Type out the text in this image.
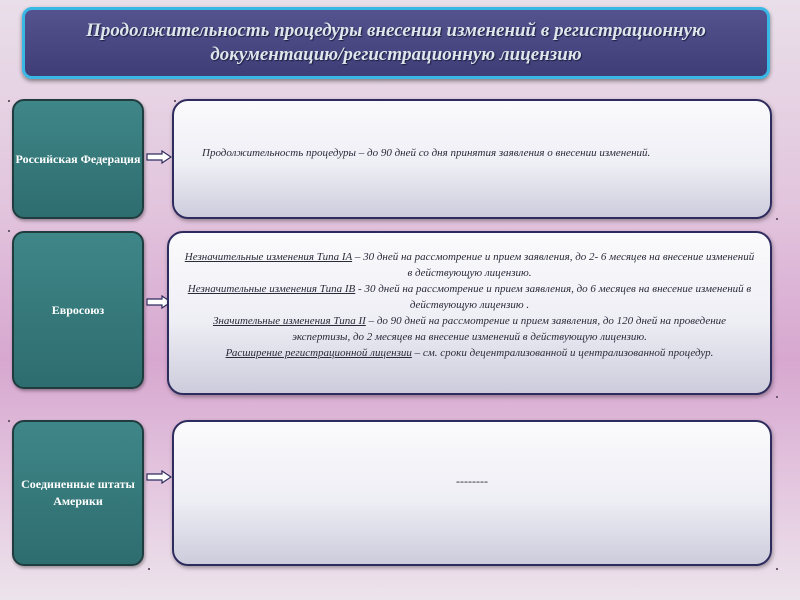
Продолжительность процедуры внесения изменений в регистрационную документацию/регистрационную лицензию
Российская Федерация	Продолжительность процедуры – до 90 дней со дня принятия заявления о внесении изменений.
Евросоюз
Незначительные изменения Типа IA – 30 дней на рассмотрение и прием заявления, до 2- 6 месяцев на внесение изменений в действующую лицензию.
Незначительные изменения Типа IB - 30 дней на рассмотрение и прием заявления, до 6 месяцев на внесение изменений в действующую лицензию .
Значительные изменения Типа II – до 90 дней на рассмотрение и прием заявления, до 120 дней на проведение экспертизы, до 2 месяцев на внесение изменений в действующую лицензию.
Расширение регистрационной лицензии – см. сроки децентрализованной и централизованной процедур.
Соединенные штаты Америки
--------
